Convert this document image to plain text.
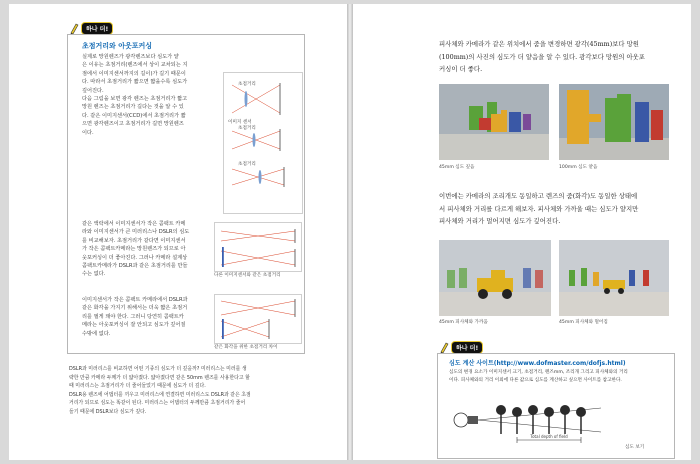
하나 더!
초점거리와 아웃포커싱
실제로 망원렌즈가 광각렌즈보다 심도가 얕
은 이유는 초점거리(렌즈에서 상이 교차되는 지
점에서 이미지센서까지의 길이)가 길기 때문이
다. 따라서 초점거리가 짧으면 짧을수록 심도가
깊어진다.
다음 그림을 보면 광각 렌즈는 초점거리가 짧고
망원 렌즈는 초점거리가 길다는 것을 알 수 있
다. 같은 이미지센서(CCD)에서 초점거리가 짧
으면 광각렌즈이고 초점거리가 길면 망원렌즈
이다.
초점거리
이미지 센서
초점거리
초점거리
같은 액락에서 이미지센서가 작은 콤팩트 카메
라와 이미지센서가 큰 미러리스나 DSLR의 심도
를 비교해보자. 초점거리가 같다면 이미지센서
가 작은 콤팩트카메라는 망원렌즈가 되므로 아
웃포커싱이 더 좋아진다. 그러나 카메라 설계상
콤팩트카메라가 DSLR과 같은 초점거리를 만들
수는 없다.	다른 이미지센서와 같은 초점거리
이미지센서가 작은 콤팩트 카메라에서 DSLR과
같은 화각을 가지기 위해서는 더욱 짧은 초점거
리를 필게 돼야 한다. 그러니 당연히 콤팩트카
메라는 아웃포커싱이 잘 안되고 심도가 깊어질
수밖에 없다.
같은 화각을 위한 초점거리 차이
DSLR과 미러리스를 비교하면 어떤 기종의 심도가 더 깊을까? 미러리스는 미러를 생
략한 만큼 카메라 두께가 더 얇아졌다. 얇아졌다면 같은 50mm 렌즈를 사용한다고 할
때 미러리스는 초점거리가 더 줄어들었기 때문에 심도가 더 깊다.
DSLR용 렌즈에 어댑터를 끼우고 미러리스에 연결하면 미러리스도 DSLR과 같은 초점
거리가 되므로 심도는 똑같이 된다. 미러리스는 어댑터의 두께만큼 초점거리가 줄어
들기 때문에 DSLR보다 심도가 깊다.
피사체와 카메라가 같은 위치에서 줌을 변경하면 광각(45mm)보다 망원
(100mm)의 사진의 심도가 더 얕음을 알 수 있다. 광각보다 망원의 아웃포
커싱이 더 좋다.
45mm 심도 깊음	100mm 심도 얕음
이번에는 카메라의 조리개도 동일하고 렌즈의 줌(화각)도 동일한 상태에
서 피사체와 거리를 다르게 해보자. 피사체와 가까울 때는 심도가 얕지만
피사체와 거리가 멀어지면 심도가 깊어진다.
45mm 피사체와 가까움	45mm 피사체와 멀어짐
하나 더!
심도 계산 사이트(http://www.dofmaster.com/dofjs.html)
심도의 변경 요소가 이미지센서 크기, 초점거리, 렌즈mm, 조리개 그리고 피사체와의 거리
이다. 피사체와의 거리 이외에 다른 값으로 심도를 계산하고 싶으면 사이트를 참고한다.
Total depth of field
심도 보기
